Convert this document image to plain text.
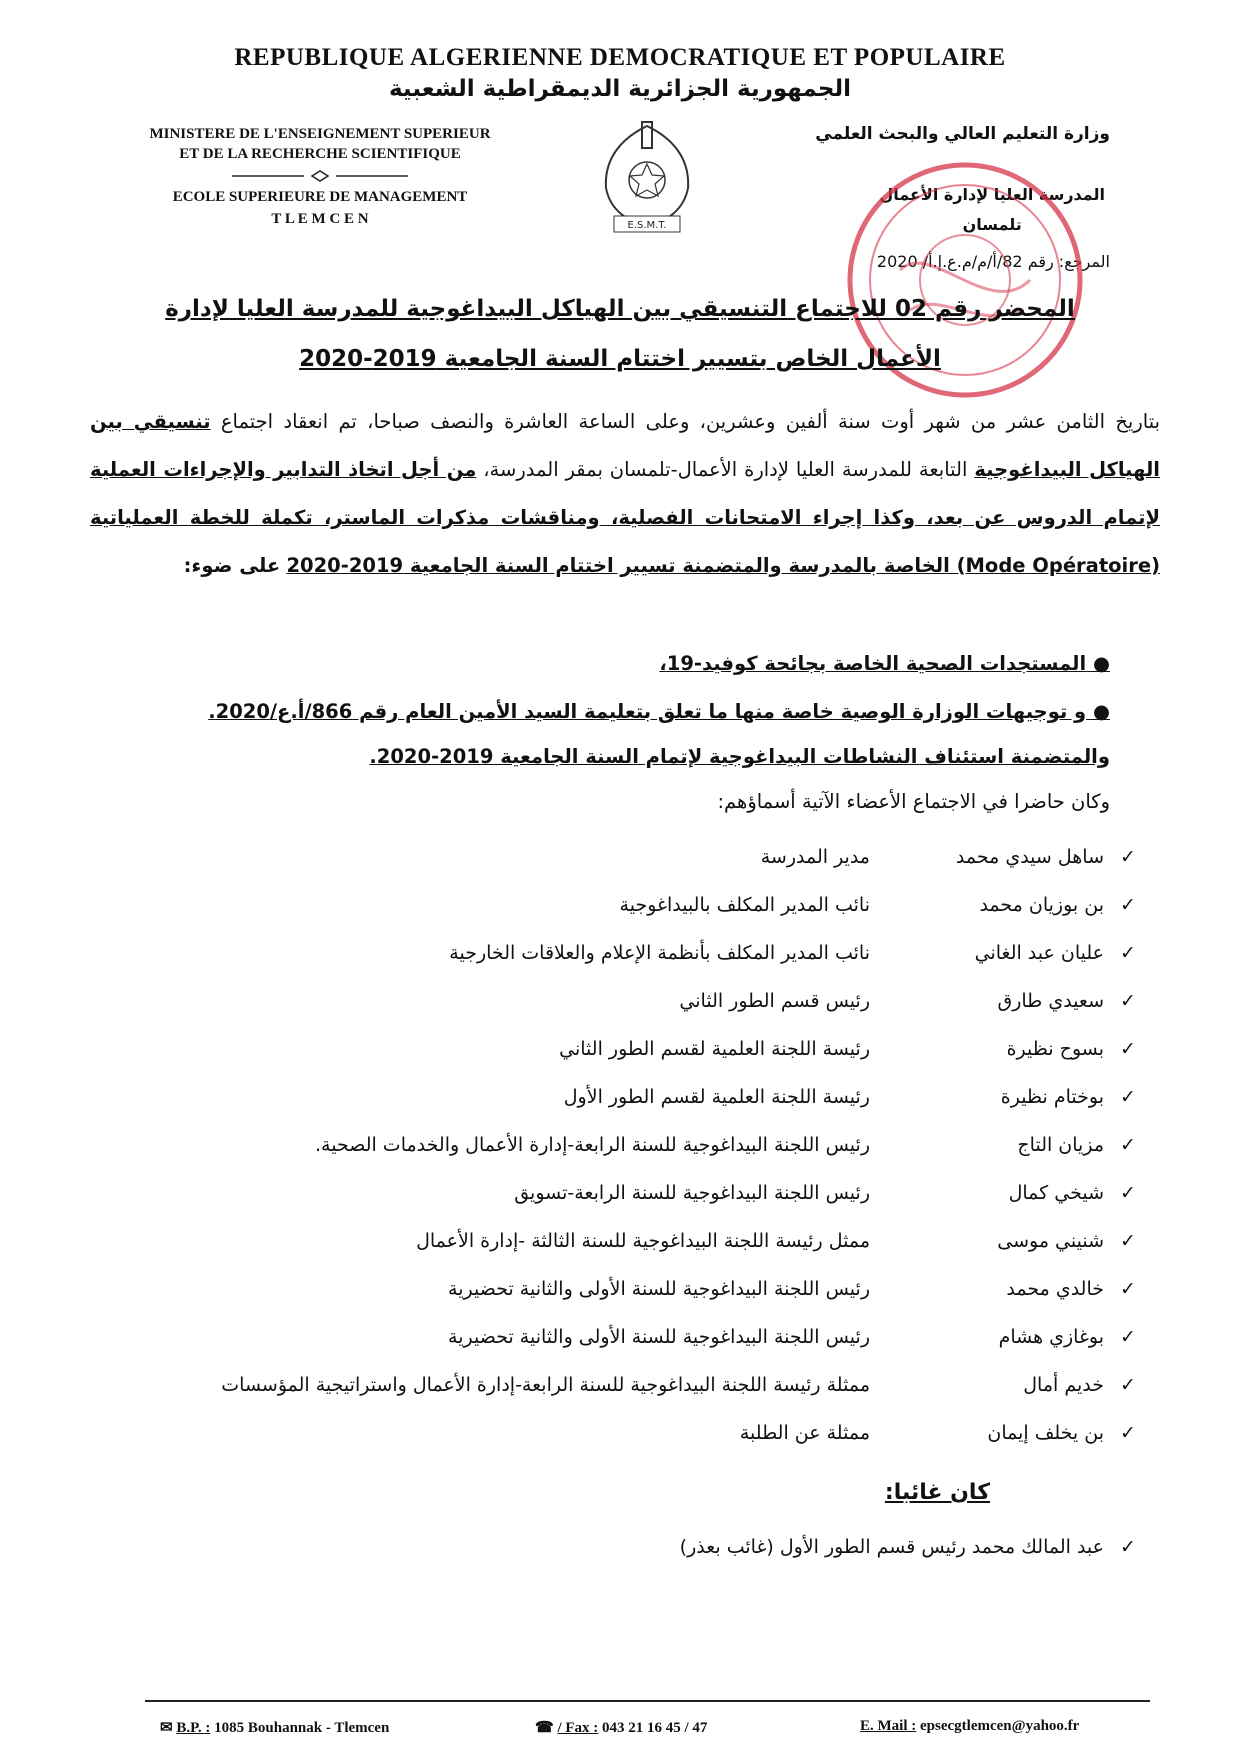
REPUBLIQUE ALGERIENNE DEMOCRATIQUE ET POPULAIRE
الجمهورية الجزائرية الديمقراطية الشعبية
MINISTERE DE L'ENSEIGNEMENT SUPERIEUR
ET DE LA RECHERCHE SCIENTIFIQUE
ECOLE SUPERIEURE DE MANAGEMENT
T L E M C E N	E.S.M.T.
وزارة التعليم العالي والبحث العلمي
المدرسة العليا لإدارة الأعمال
تلمسان
المرجع: رقم 82/أ/م/م.ع.إ.أ/ 2020
المحضر رقم 02 للاجتماع التنسيقي بين الهياكل البيداغوجية للمدرسة العليا لإدارة
الأعمال الخاص بتسيير اختتام السنة الجامعية 2019-2020
بتاريخ الثامن عشر من شهر أوت سنة ألفين وعشرين، وعلى الساعة العاشرة والنصف صباحا، تم انعقاد اجتماع تنسيقي بين الهياكل البيداغوجية التابعة للمدرسة العليا لإدارة الأعمال-تلمسان بمقر المدرسة، من أجل اتخاذ التدابير والإجراءات العملية لإتمام الدروس عن بعد، وكذا إجراء الامتحانات الفصلية، ومناقشات مذكرات الماستر، تكملة للخطة العملياتية (Mode Opératoire) الخاصة بالمدرسة والمتضمنة تسيير اختتام السنة الجامعية 2019-2020 على ضوء:
● المستجدات الصحية الخاصة بجائحة كوفيد-19،
● و توجيهات الوزارة الوصية خاصة منها ما تعلق بتعليمة السيد الأمين العام رقم 866/أ.ع/2020.
والمتضمنة استئناف النشاطات البيداغوجية لإتمام السنة الجامعية 2019-2020.
وكان حاضرا في الاجتماع الأعضاء الآتية أسماؤهم:
✓
ساهل سيدي محمد
مدير المدرسة
✓
بن بوزيان محمد
نائب المدير المكلف بالبيداغوجية
✓
عليان عبد الغاني
نائب المدير المكلف بأنظمة الإعلام والعلاقات الخارجية
✓
سعيدي طارق
رئيس قسم الطور الثاني
✓
بسوح نظيرة
رئيسة اللجنة العلمية لقسم الطور الثاني
✓
بوختام نظيرة
رئيسة اللجنة العلمية لقسم الطور الأول
✓
مزيان التاج
رئيس اللجنة البيداغوجية للسنة الرابعة-إدارة الأعمال والخدمات الصحية.
✓
شيخي كمال
رئيس اللجنة البيداغوجية للسنة الرابعة-تسويق
✓
شنيني موسى
ممثل رئيسة اللجنة البيداغوجية للسنة الثالثة -إدارة الأعمال
✓
خالدي محمد
رئيس اللجنة البيداغوجية للسنة الأولى والثانية تحضيرية
✓
بوغازي هشام
رئيس اللجنة البيداغوجية للسنة الأولى والثانية تحضيرية
✓
خديم أمال
ممثلة رئيسة اللجنة البيداغوجية للسنة الرابعة-إدارة الأعمال واستراتيجية المؤسسات
✓
بن يخلف إيمان
ممثلة عن الطلبة
كان غائبا:
✓
عبد المالك محمد رئيس قسم الطور الأول (غائب بعذر)
✉ B.P. : 1085 Bouhannak - Tlemcen	☎ / Fax : 043 21 16 45 / 47	E. Mail : epsecgtlemcen@yahoo.fr
